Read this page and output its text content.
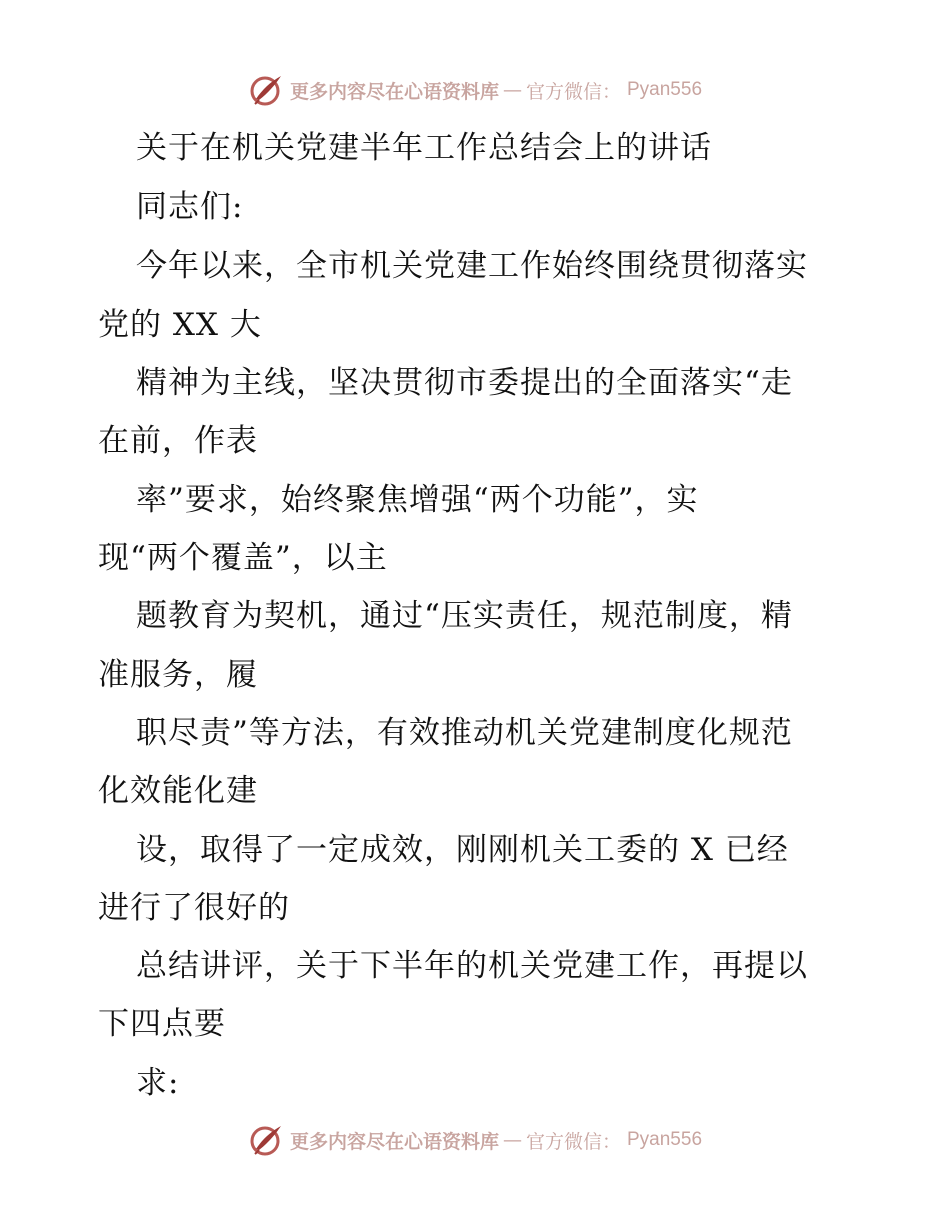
更多内容尽在心语资料库 — 官方微信： Pyan556
关于在机关党建半年工作总结会上的讲话
同志们:
今年以来，全市机关党建工作始终围绕贯彻落实
党的 XX 大
精神为主线，坚决贯彻市委提出的全面落实“走
在前，作表
率”要求，始终聚焦增强“两个功能”，实
现“两个覆盖”，以主
题教育为契机，通过“压实责任，规范制度，精
准服务，履
职尽责”等方法，有效推动机关党建制度化规范
化效能化建
设，取得了一定成效，刚刚机关工委的 X 已经
进行了很好的
总结讲评，关于下半年的机关党建工作，再提以
下四点要
求:
更多内容尽在心语资料库 — 官方微信： Pyan556
